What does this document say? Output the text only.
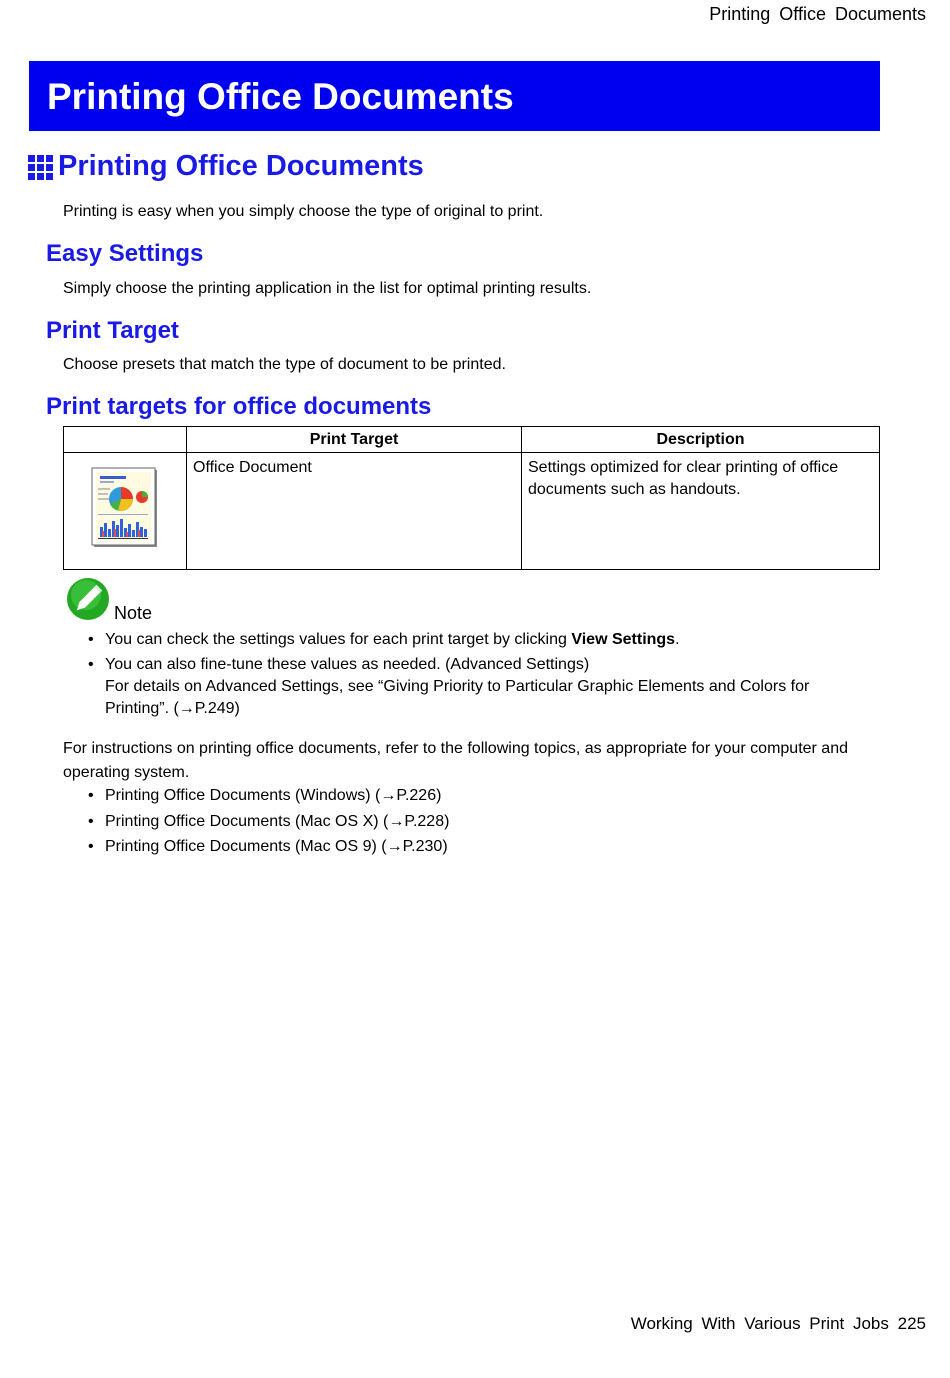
Printing Office Documents
Printing Office Documents
Printing Office Documents
Printing is easy when you simply choose the type of original to print.
Easy Settings
Simply choose the printing application in the list for optimal printing results.
Print Target
Choose presets that match the type of document to be printed.
Print targets for office documents
	Print Target	Description
	Office Document	Settings optimized for clear printing of office documents such as handouts.
Note
• You can check the settings values for each print target by clicking View Settings.
• You can also fine-tune these values as needed. (Advanced Settings)
For details on Advanced Settings, see “Giving Priority to Particular Graphic Elements and Colors for Printing”. (→P.249)
For instructions on printing office documents, refer to the following topics, as appropriate for your computer and operating system.
• Printing Office Documents (Windows) (→P.226)
• Printing Office Documents (Mac OS X) (→P.228)
• Printing Office Documents (Mac OS 9) (→P.230)
Working With Various Print Jobs 225
